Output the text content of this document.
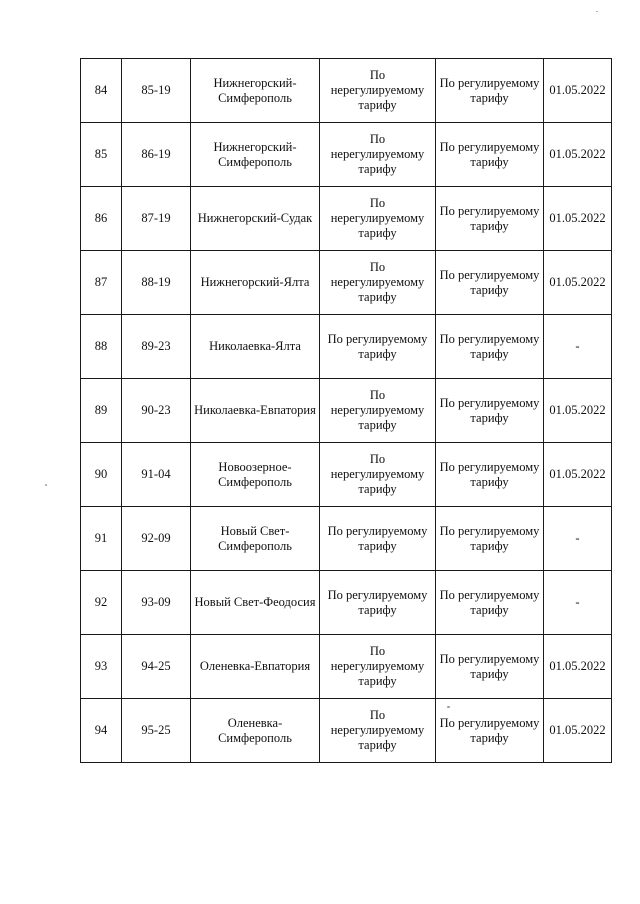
84	85-19	Нижнегорский-Симферополь	По нерегулируемому тарифу	По регулируемому тарифу	01.05.2022
85	86-19	Нижнегорский-Симферополь	По нерегулируемому тарифу	По регулируемому тарифу	01.05.2022
86	87-19	Нижнегорский-Судак	По нерегулируемому тарифу	По регулируемому тарифу	01.05.2022
87	88-19	Нижнегорский-Ялта	По нерегулируемому тарифу	По регулируемому тарифу	01.05.2022
88	89-23	Николаевка-Ялта	По регулируемому тарифу	По регулируемому тарифу	-
89	90-23	Николаевка-Евпатория	По нерегулируемому тарифу	По регулируемому тарифу	01.05.2022
90	91-04	Новоозерное-Симферополь	По нерегулируемому тарифу	По регулируемому тарифу	01.05.2022
91	92-09	Новый Свет-Симферополь	По регулируемому тарифу	По регулируемому тарифу	-
92	93-09	Новый Свет-Феодосия	По регулируемому тарифу	По регулируемому тарифу	-
93	94-25	Оленевка-Евпатория	По нерегулируемому тарифу	По регулируемому тарифу	01.05.2022
94	95-25	Оленевка-Симферополь	По нерегулируемому тарифу	По регулируемому тарифу	01.05.2022
